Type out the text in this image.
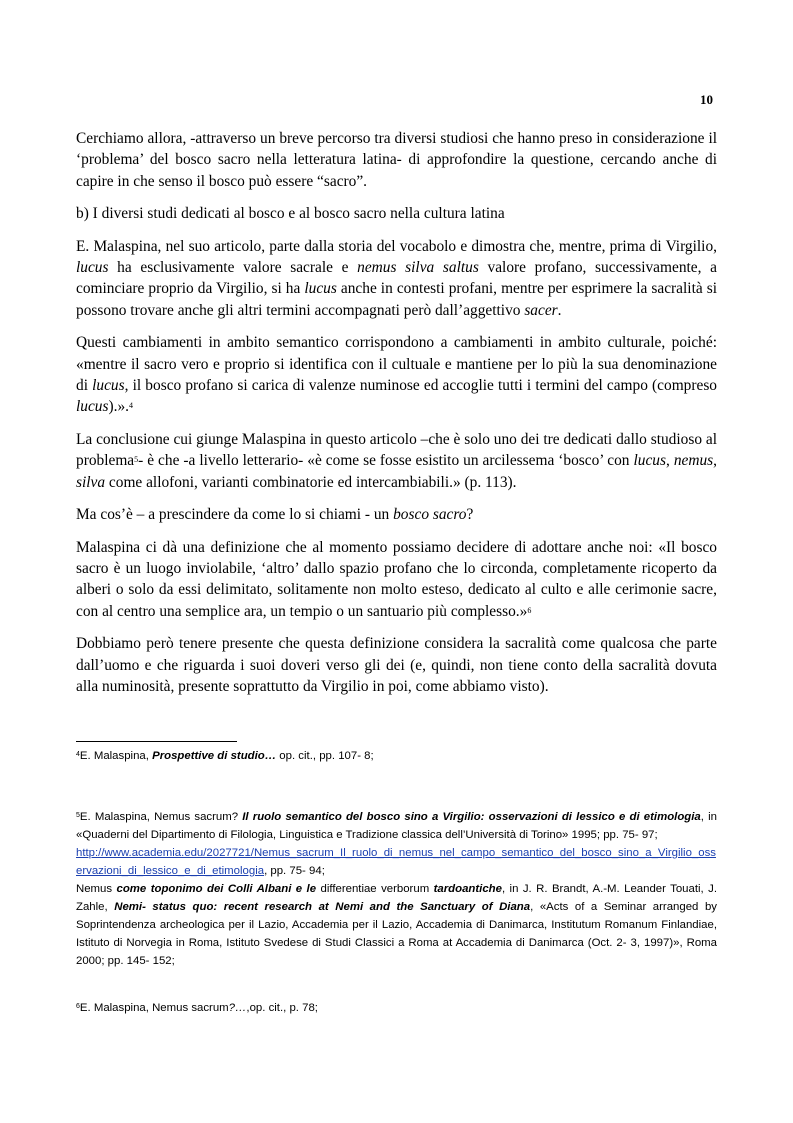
10

Cerchiamo allora, -attraverso un breve percorso tra diversi studiosi che hanno preso in considerazione il ‘problema’ del bosco sacro nella letteratura latina- di approfondire la questione, cercando anche di capire in che senso il bosco può essere “sacro”.

b) I diversi studi dedicati al bosco e al bosco sacro nella cultura latina

E. Malaspina, nel suo articolo, parte dalla storia del vocabolo e dimostra che, mentre, prima di Virgilio, lucus ha esclusivamente valore sacrale e nemus silva saltus valore profano, successivamente, a cominciare proprio da Virgilio, si ha lucus anche in contesti profani, mentre per esprimere la sacralità si possono trovare anche gli altri termini accompagnati però dall’aggettivo sacer.

Questi cambiamenti in ambito semantico corrispondono a cambiamenti in ambito culturale, poiché: «mentre il sacro vero e proprio si identifica con il cultuale e mantiene per lo più la sua denominazione di lucus, il bosco profano si carica di valenze numinose ed accoglie tutti i termini del campo (compreso lucus).».$^4$

La conclusione cui giunge Malaspina in questo articolo –che è solo uno dei tre dedicati dallo studioso al problema$^5$- è che -a livello letterario- «è come se fosse esistito un arcilessema ‘bosco’ con lucus, nemus, silva come allofoni, varianti combinatorie ed intercambiabili.» (p. 113).

Ma cos’è – a prescindere da come lo si chiami - un bosco sacro?

Malaspina ci dà una definizione che al momento possiamo decidere di adottare anche noi: «Il bosco sacro è un luogo inviolabile, ‘altro’ dallo spazio profano che lo circonda, completamente ricoperto da alberi o solo da essi delimitato, solitamente non molto esteso, dedicato al culto e alle cerimonie sacre, con al centro una semplice ara, un tempio o un santuario più complesso.»$^6$

Dobbiamo però tenere presente che questa definizione considera la sacralità come qualcosa che parte dall’uomo e che riguarda i suoi doveri verso gli dei (e, quindi, non tiene conto della sacralità dovuta alla numinosità, presente soprattutto da Virgilio in poi, come abbiamo visto).

$^4$E. Malaspina, Prospettive di studio… op. cit., pp. 107- 8;
$^5$E. Malaspina, Nemus sacrum? Il ruolo semantico del bosco sino a Virgilio: osservazioni di lessico e di etimologia, in «Quaderni del Dipartimento di Filologia, Linguistica e Tradizione classica dell’Università di Torino» 1995; pp. 75- 97;
http://www.academia.edu/2027721/Nemus_sacrum_Il_ruolo_di_nemus_nel_campo_semantico_del_bosco_sino_a_Virgilio_osservazioni_di_lessico_e_di_etimologia, pp. 75- 94;
Nemus come toponimo dei Colli Albani e le differentiae verborum tardoantiche, in J. R. Brandt, A.-M. Leander Touati, J. Zahle, Nemi- status quo: recent research at Nemi and the Sanctuary of Diana, «Acts of a Seminar arranged by Soprintendenza archeologica per il Lazio, Accademia per il Lazio, Accademia di Danimarca, Institutum Romanum Finlandiae, Istituto di Norvegia in Roma, Istituto Svedese di Studi Classici a Roma at Accademia di Danimarca (Oct. 2- 3, 1997)», Roma 2000; pp. 145- 152;
$^6$E. Malaspina, Nemus sacrum?…,op. cit., p. 78;
